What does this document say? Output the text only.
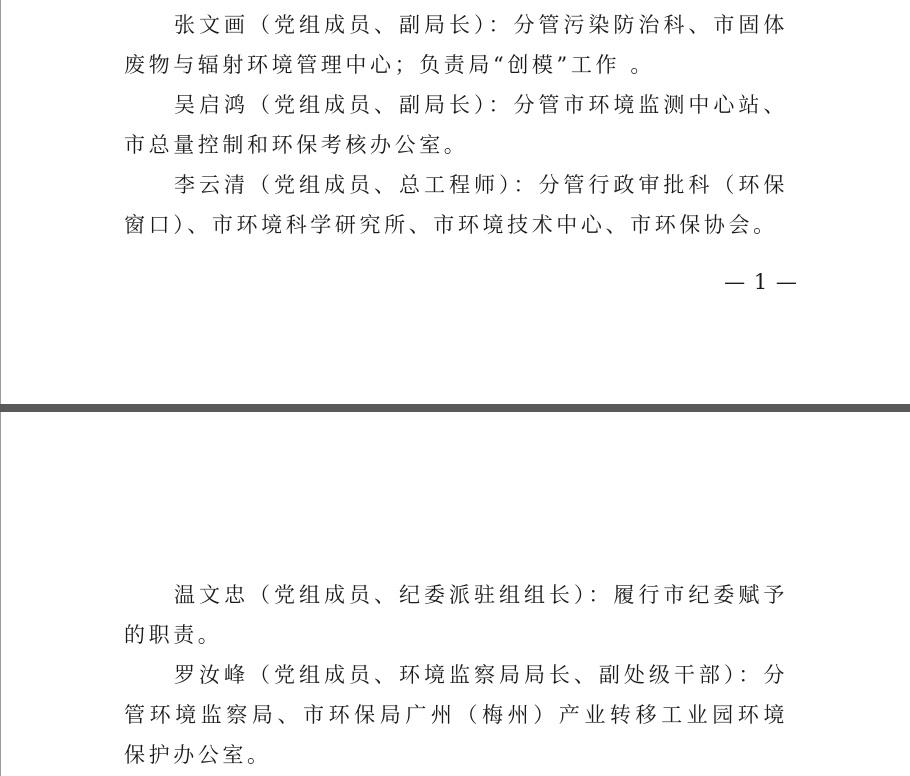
张文画（党组成员、副局长）：分管污染防治科、市固体废物与辐射环境管理中心；负责局“创模”工作 。

吴启鸿（党组成员、副局长）：分管市环境监测中心站、市总量控制和环保考核办公室。

李云清（党组成员、总工程师）：分管行政审批科（环保窗口）、市环境科学研究所、市环境技术中心、市环保协会。

— 1 —

温文忠（党组成员、纪委派驻组组长）：履行市纪委赋予的职责。

罗汝峰（党组成员、环境监察局局长、副处级干部）：分管环境监察局、市环保局广州（梅州）产业转移工业园环境保护办公室。
